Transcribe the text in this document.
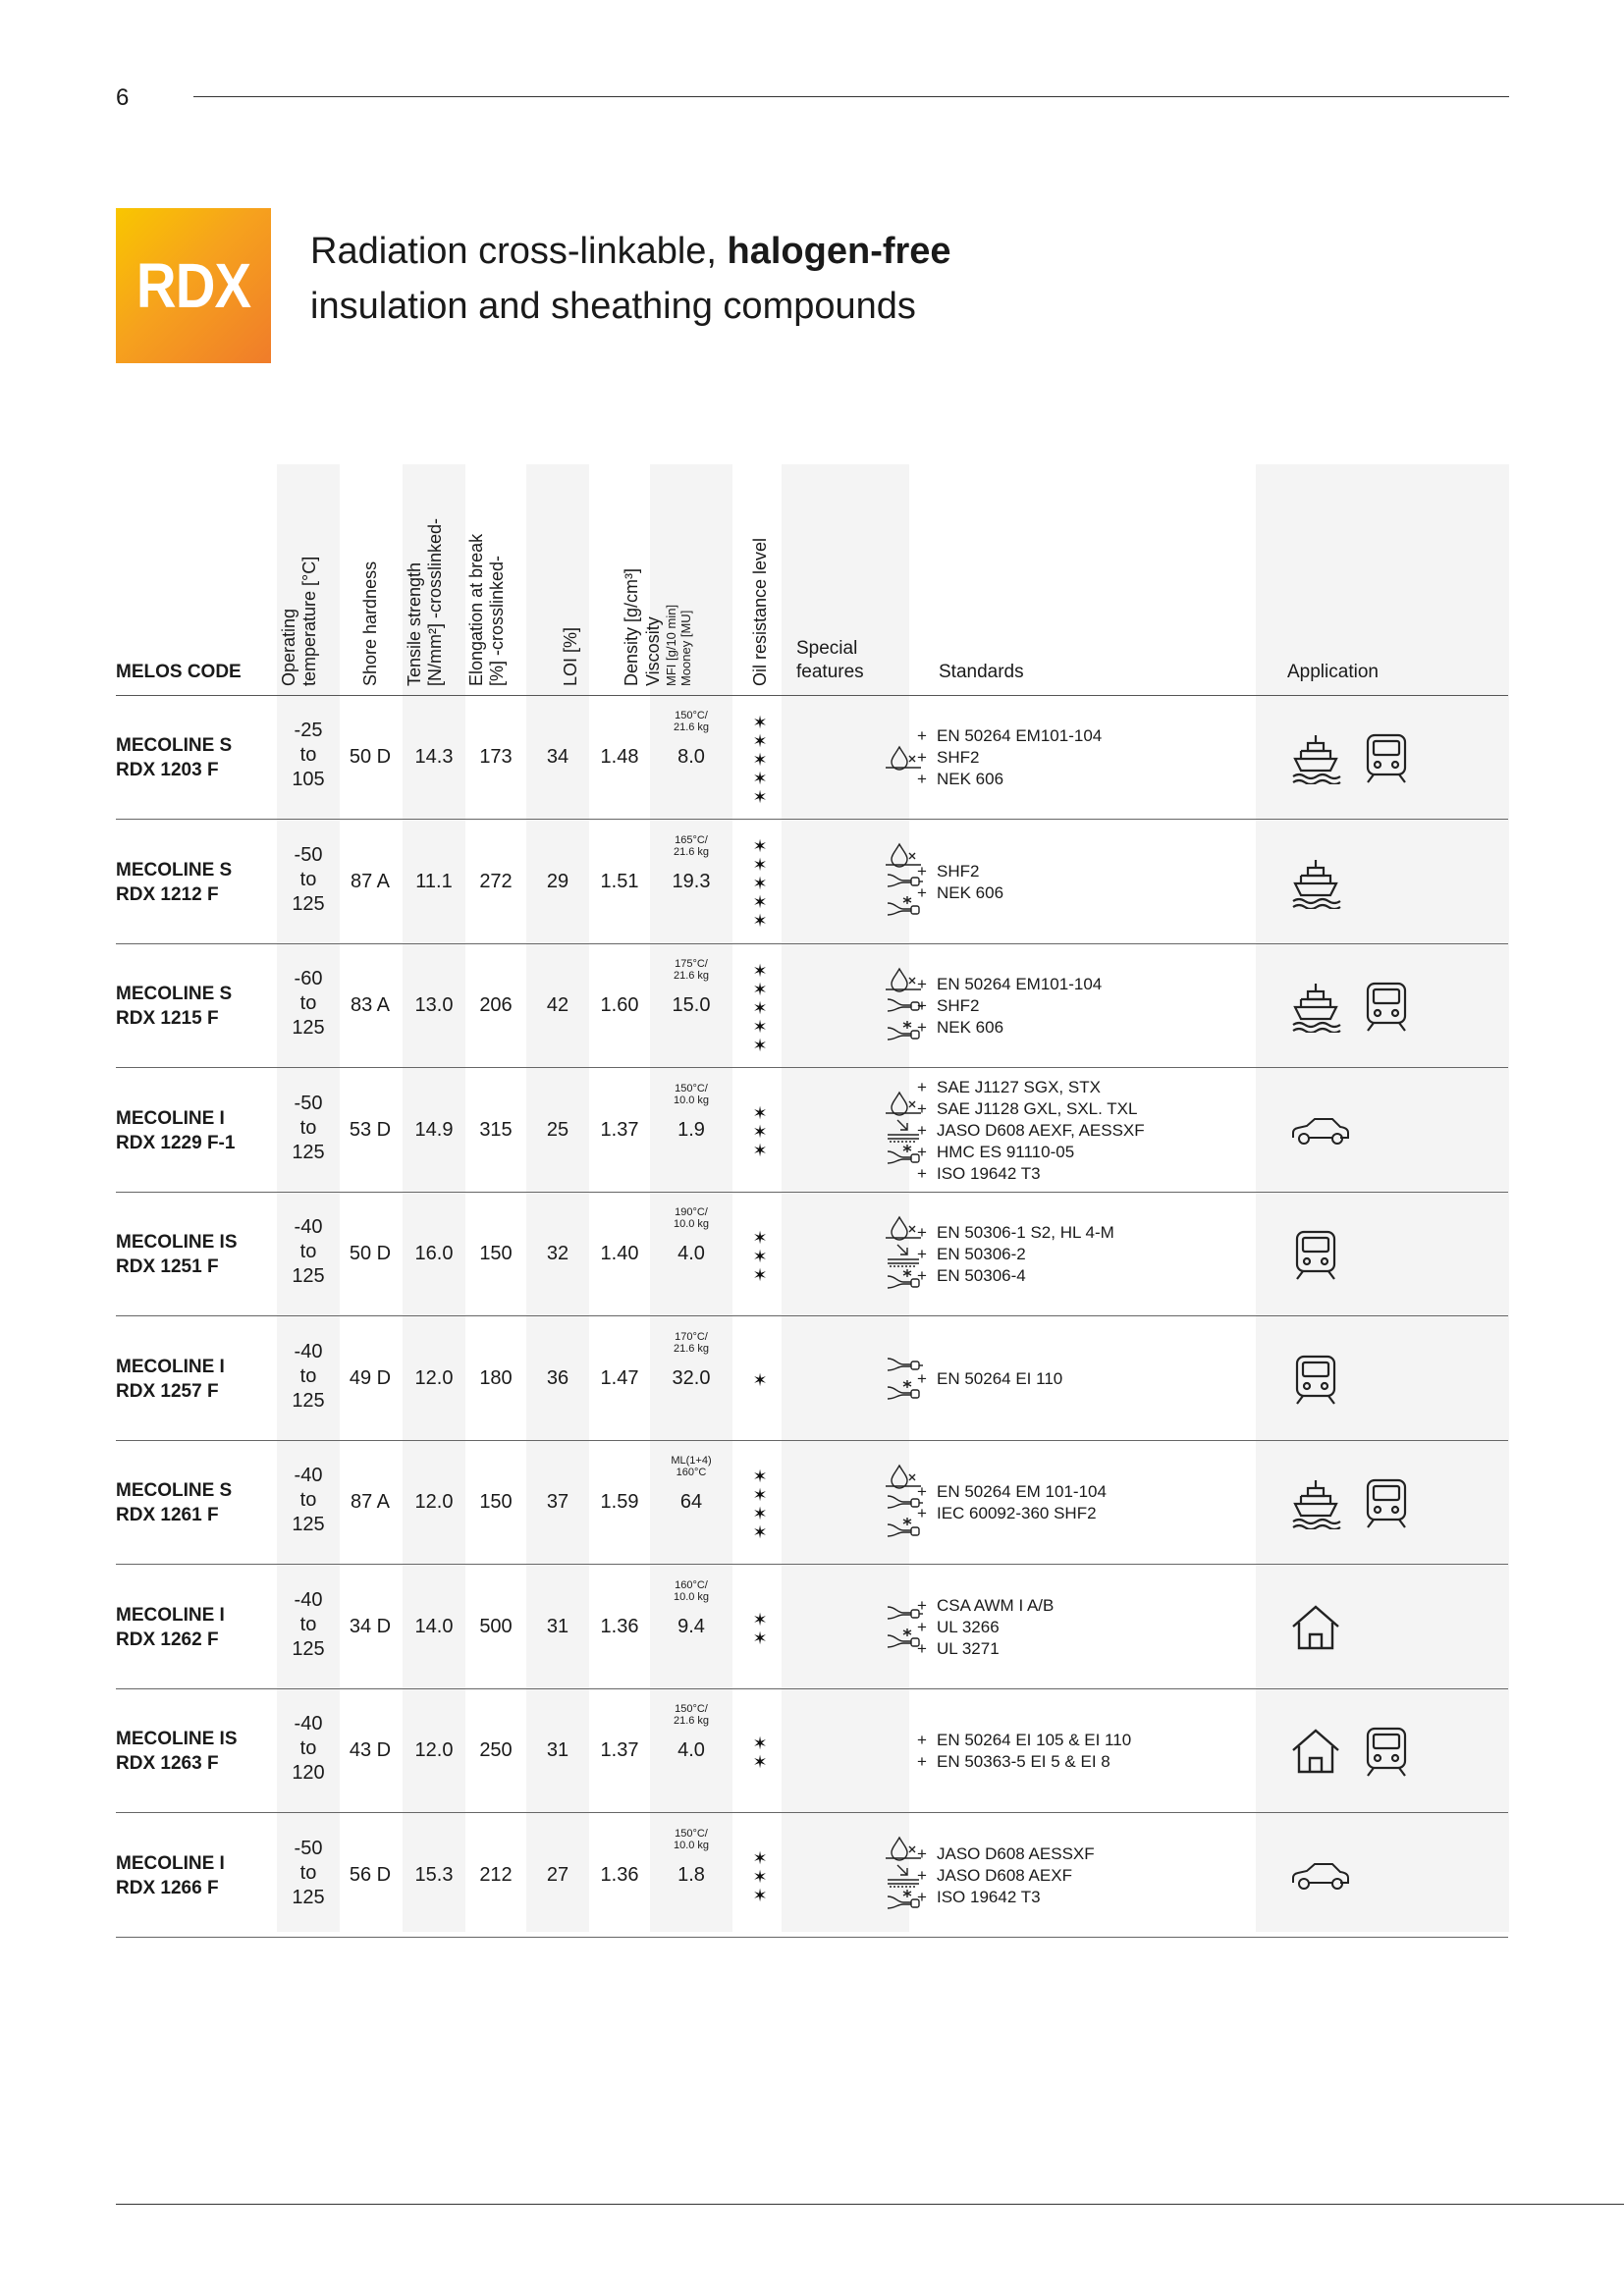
6
RDX Radiation cross-linkable, halogen-free
insulation and sheathing compounds
MELOS CODE Operating temperature [°C] Shore hardness Tensile strength [N/mm²] -crosslinked- Elongation at break [%] -crosslinked-	LOI [%] Density [g/cm³] Viscosity MFI [g/10 min] Mooney [MU]	Oil resistance level Special
features	Standards	Application
MECOLINE S
RDX 1203 F
-25
to
105
50 D	14.3	173	34	1.48
150°C/
21.6 kg
8.0
✶
✶
✶
✶
✶
+ EN 50264 EM101-104
+ SHF2
+ NEK 606
MECOLINE S
RDX 1212 F
-50
to
125
87 A	11.1	272	29	1.51
165°C/
21.6 kg
19.3
✶
✶
✶
✶
✶
+ SHF2
+ NEK 606
MECOLINE S
RDX 1215 F
-60
to
125
83 A	13.0	206	42	1.60
175°C/
21.6 kg
15.0
✶
✶
✶
✶
✶
+ EN 50264 EM101-104
+ SHF2
+ NEK 606
MECOLINE I
RDX 1229 F-1
-50
to
125
53 D	14.9	315	25	1.37
150°C/
10.0 kg
1.9
✶
✶
✶
+ SAE J1127 SGX, STX
+ SAE J1128 GXL, SXL. TXL
+ JASO D608 AEXF, AESSXF
+ HMC ES 91110-05
+ ISO 19642 T3
MECOLINE IS
RDX 1251 F
-40
to
125
50 D	16.0	150	32	1.40
190°C/
10.0 kg
4.0
✶
✶
✶
+ EN 50306-1 S2, HL 4-M
+ EN 50306-2
+ EN 50306-4
MECOLINE I
RDX 1257 F
-40
to
125
49 D	12.0	180	36	1.47
170°C/
21.6 kg
32.0	✶
+	EN 50264 EI 110
MECOLINE S
RDX 1261 F
-40
to
125
87 A	12.0	150	37	1.59
ML(1+4)
160°C
64
✶
✶
✶
✶
+ EN 50264 EM 101-104
+ IEC 60092-360 SHF2
MECOLINE I
RDX 1262 F
-40
to
125
34 D	14.0	500	31	1.36
160°C/
10.0 kg
9.4	✶
✶
+ CSA AWM I A/B
+ UL 3266
+ UL 3271
MECOLINE IS
RDX 1263 F
-40
to
120
43 D	12.0	250	31	1.37
150°C/
21.6 kg
4.0	✶
✶
+ EN 50264 EI 105 & EI 110
+ EN 50363-5 EI 5 & EI 8
MECOLINE I
RDX 1266 F
-50
to
125
56 D	15.3	212	27	1.36
150°C/
10.0 kg
1.8
✶
✶
✶
+ JASO D608 AESSXF
+ JASO D608 AEXF
+ ISO 19642 T3
